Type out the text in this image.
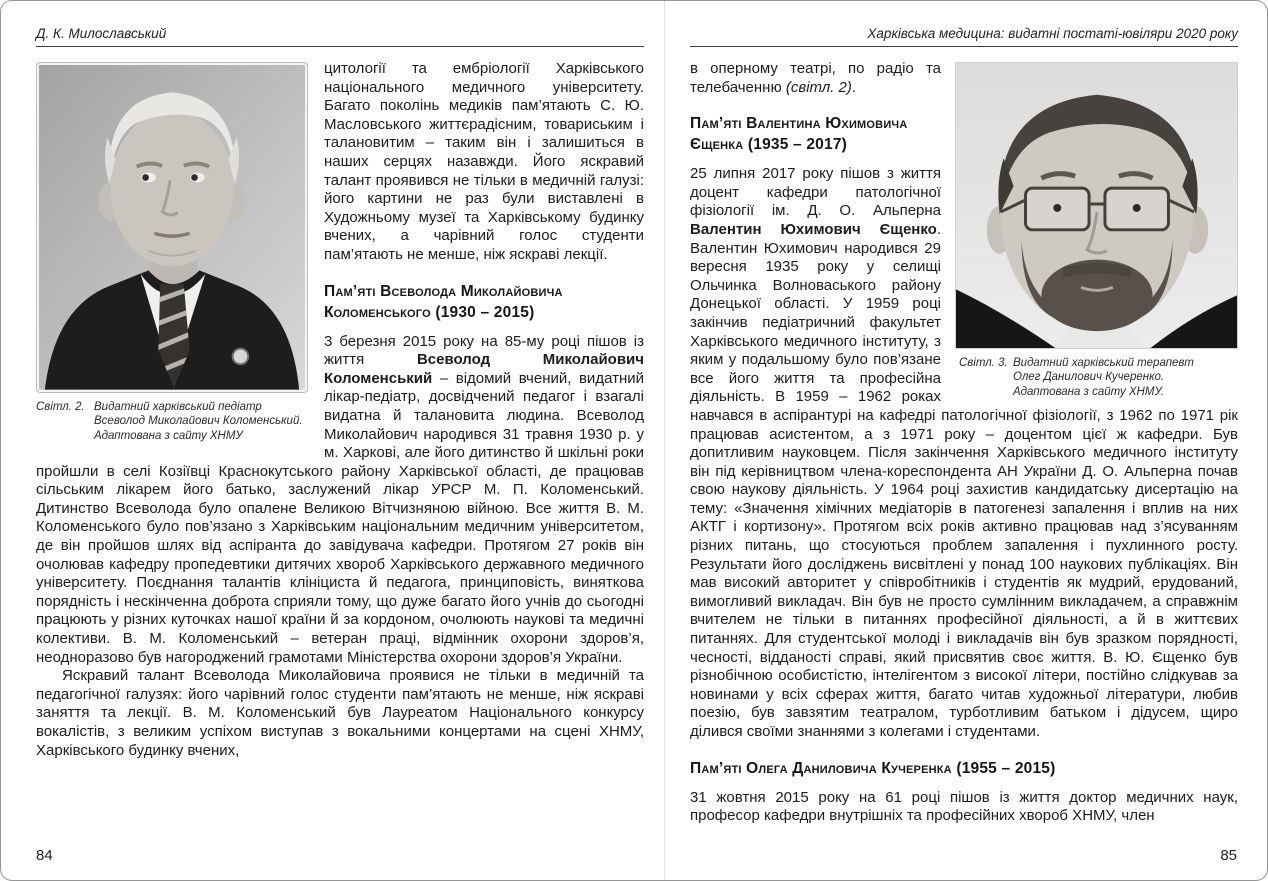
Д. К. Милославський
Світл. 2. Видатний харківський педіатр
Всеволод Миколайович Коломенський.
Адаптована з сайту ХНМУ

цитології та ембріології Харківського національного медичного університету. Багато поколінь медиків пам’ятають С. Ю. Масловського життєрадісним, товариським і талановитим – таким він і залишиться в наших серцях назавжди. Його яскравий талант проявився не тільки в медичній галузі: його картини не раз були виставлені в Художньому музеї та Харківському будинку вчених, а чарівний голос студенти пам’ятають не менше, ніж яскраві лекції.

Пам’яті Всеволода Миколайовича Коломенського (1930 – 2015)

3 березня 2015 року на 85-му році пішов із життя Всеволод Миколайович Коломенський – відомий вчений, видатний лікар-педіатр, досвідчений педагог і взагалі видатна й талановита людина. Всеволод Миколайович народився 31 травня 1930 р. у м. Харкові, але його дитинство й шкільні роки пройшли в селі Козіївці Краснокутського району Харківської області, де працював сільським лікарем його батько, заслужений лікар УРСР М. П. Коломенський. Дитинство Всеволода було опалене Великою Вітчизняною війною. Все життя В. М. Коломенського було пов’язано з Харківським національним медичним університетом, де він пройшов шлях від аспіранта до завідувача кафедри. Протягом 27 років він очолював кафедру пропедевтики дитячих хвороб Харківського державного медичного університету. Поєднання талантів клініциста й педагога, принциповість, виняткова порядність і нескінченна доброта сприяли тому, що дуже багато його учнів до сьогодні працюють у різних куточках нашої країни й за кордоном, очолюють наукові та медичні колективи. В. М. Коломенський – ветеран праці, відмінник охорони здоров’я, неодноразово був нагороджений грамотами Міністерства охорони здоров’я України.

Яскравий талант Всеволода Миколайовича проявися не тільки в медичній та педагогічної галузях: його чарівний голос студенти пам’ятають не менше, ніж яскраві заняття та лекції. В. М. Коломенський був Лауреатом Національного конкурсу вокалістів, з великим успіхом виступав з вокальними концертами на сцені ХНМУ, Харківського будинку вчених,

Харківська медицина: видатні постаті-ювіляри 2020 року
Світл. 3. Видатний харківський терапевт
Олег Данилович Кучеренко.
Адаптована з сайту ХНМУ.

в оперному театрі, по радіо та телебаченню (світл. 2).

Пам’яті Валентина Юхимовича Єщенка (1935 – 2017)

25 липня 2017 року пішов з життя доцент кафедри патологічної фізіології ім. Д. О. Альперна Валентин Юхимович Єщенко. Валентин Юхимович народився 29 вересня 1935 року у селищі Ольчинка Волноваського району Донецької області. У 1959 році закінчив педіатричний факультет Харківського медичного інституту, з яким у подальшому було пов’язане все його життя та професійна діяльність. В 1959 – 1962 роках навчався в аспірантурі на кафедрі патологічної фізіології, з 1962 по 1971 рік працював асистентом, а з 1971 року – доцентом цієї ж кафедри. Був допитливим науковцем. Після закінчення Харківського медичного інституту він під керівництвом члена-кореспондента АН України Д. О. Альперна почав свою наукову діяльність. У 1964 році захистив кандидатську дисертацію на тему: «Значення хімічних медіаторів в патогенезі запалення і вплив на них АКТГ і кортизону». Протягом всіх років активно працював над з’ясуванням різних питань, що стосуються проблем запалення і пухлинного росту. Результати його досліджень висвітлені у понад 100 наукових публікаціях. Він мав високий авторитет у співробітників і студентів як мудрий, ерудований, вимогливий викладач. Він був не просто сумлінним викладачем, а справжнім вчителем не тільки в питаннях професійної діяльності, а й в життєвих питаннях. Для студентської молоді і викладачів він був зразком порядності, чесності, відданості справі, який присвятив своє життя. В. Ю. Єщенко був різнобічною особистістю, інтелігентом з високої літери, постійно слідкував за новинами у всіх сферах життя, багато читав художньої літератури, любив поезію, був завзятим театралом, турботливим батьком і дідусем, щиро ділився своїми знаннями з колегами і студентами.

Пам’яті Олега Даниловича Кучеренка (1955 – 2015)

31 жовтня 2015 року на 61 році пішов із життя доктор медичних наук, професор кафедри внутрішніх та професійних хвороб ХНМУ, член

84	85
